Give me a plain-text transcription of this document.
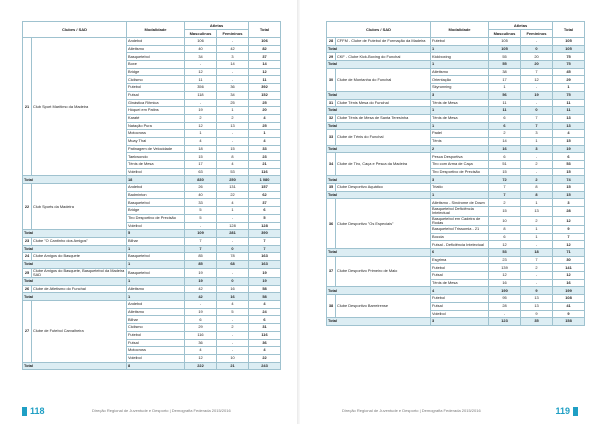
Clubes / SAD		Modalidade	Atletas		Total
			Masculinos	Femininos	
21	Club Sport Marítimo da Madeira	Andebol	106	-	106
		Atletismo	40	42	82
		Basquetebol	34	3	37
		Boxe	-	14	14
		Bridge	12	-	12
		Ciclismo	11	-	11
		Futebol	356	36	392
		Futsal	118	34	152
		Ginástica Rítmica	-	25	25
		Hóquei em Patins	19	1	20
		Karaté	2	2	4
		Natação Pura	12	13	25
		Motocross	1	-	1
		Muay Thai	4	-	4
		Patinagem de Velocidade	18	15	33
		Taekwondo	15	8	23
		Ténis de Mesa	17	4	21
		Voleibol	63	53	116
Total		18	830	250	1 080
22	Club Sports da Madeira	Andebol	26	131	157
		Badminton	40	22	62
		Basquetebol	33	4	37
		Bridge	5	1	6
		Tiro Desportivo de Precisão	5	-	5
		Voleibol	-	128	128
Total		5	109	281	390
23	Clube "O Cantinho dos Amigos"	Bilhar	7	-	7
Total		1	7	0	7
24	Clube Amigos do Basquete	Basquetebol	85	78	163
Total		1	85	68	163
25	Clube Amigos do Basquete, Basquetebol da Madeira SAD	Basquetebol	19	-	19
Total		1	19	0	19
26	Clube de Atletismo do Funchal	Atletismo	42	16	58
Total		1	42	16	58
27	Clube de Futebol Carvalheira	Andebol	-	4	4
		Atletismo	19	5	24
		Bilhar	6	-	6
		Ciclismo	29	2	31
		Futebol	116	-	116
		Futsal	36	-	36
		Motocross	4	-	4
		Voleibol	12	10	22
Total		8	222	21	243
118	Direção Regional de Juventude e Desporto | Demografia Federada 2015/2016
Clubes / SAD		Modalidade	Atletas		Total
			Masculinos	Femininos	
28	CFFM - Clube de Futebol de Formação da Madeira	Futebol	105	-	105
Total		1	105	0	105
29	CKF - Clube Kick-Boxing do Funchal	Kickboxing	55	20	75
Total		1	55	20	75
30	Clube de Montanha do Funchal	Atletismo	38	7	45
		Orientação	17	12	29
		Skyrunning	1	-	1
Total		3	56	19	75
31	Clube Ténis Mesa do Funchal	Ténis de Mesa	11	-	11
Total		1	11	0	11
32	Clube Ténis de Mesa de Santa Teresinha	Ténis de Mesa	6	7	13
Total		1	6	7	13
33	Clube de Ténis do Funchal	Padel	2	3	4
		Ténis	14	1	15
Total		2	16	3	19
34	Clube de Tiro, Caça e Pesca da Madeira	Pesca Desportiva	6	-	6
		Tiro com Arma de Caça	51	2	53
		Tiro Desportivo de Precisão	15	-	15
Total		3	72	2	74
35	Clube Desportivo Aquático	Triatlo	7	8	15
Total		1	7	8	15
36	Clube Desportivo "Os Especiais"	Atletismo - Síndrome de Down	2	1	3
		Basquetebol Deficiência Intelectual	15	13	28
		Basquetebol em Cadeira de Rodas	10	2	12
		Basquetebol Trissomia - 21	8	1	9
		Boccia	6	1	7
		Futsal - Deficiência Intelectual	12	-	12
Total		6	53	18	71
37	Clube Desportivo Primeiro de Maio	Esgrima	23	7	30
		Futebol	139	2	141
		Futsal	12	-	12
		Ténis de Mesa	16	-	16
Total		4	190	9	199
38	Clube Desportivo Barreirense	Futebol	95	13	108
		Futsal	28	13	41
		Voleibol	-	9	9
Total		3	123	35	158
Direção Regional de Juventude e Desporto | Demografia Federada 2015/2016	119
